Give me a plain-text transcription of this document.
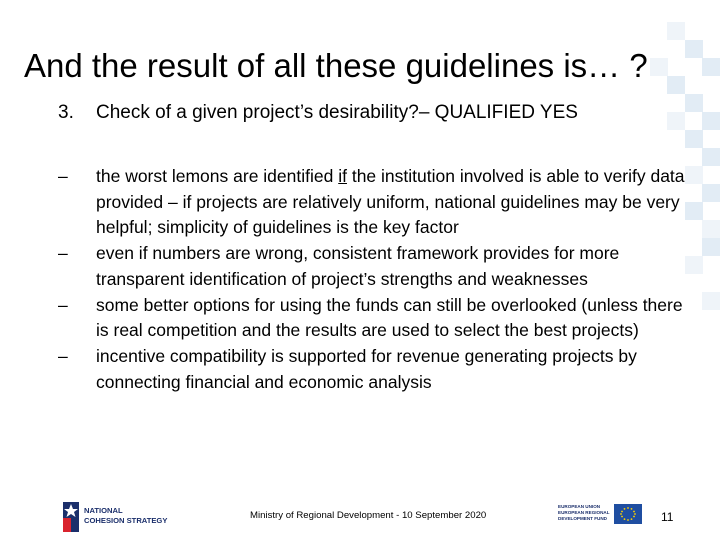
And the result of all these guidelines is… ?
3. Check of a given project’s desirability?– QUALIFIED YES
– the worst lemons are identified if the institution involved is able to verify data provided – if projects are relatively uniform, national guidelines may be very helpful; simplicity of guidelines is the key factor
– even if numbers are wrong, consistent framework provides for more transparent identification of project’s strengths and weaknesses
– some better options for using the funds can still be overlooked (unless there is real competition and the results are used to select the best projects)
– incentive compatibility is supported for revenue generating projects by connecting financial and economic analysis
NATIONAL
COHESION STRATEGY	Ministry of Regional Development - 10 September 2020
EUROPEAN UNION
EUROPEAN REGIONAL
DEVELOPMENT FUND	11
